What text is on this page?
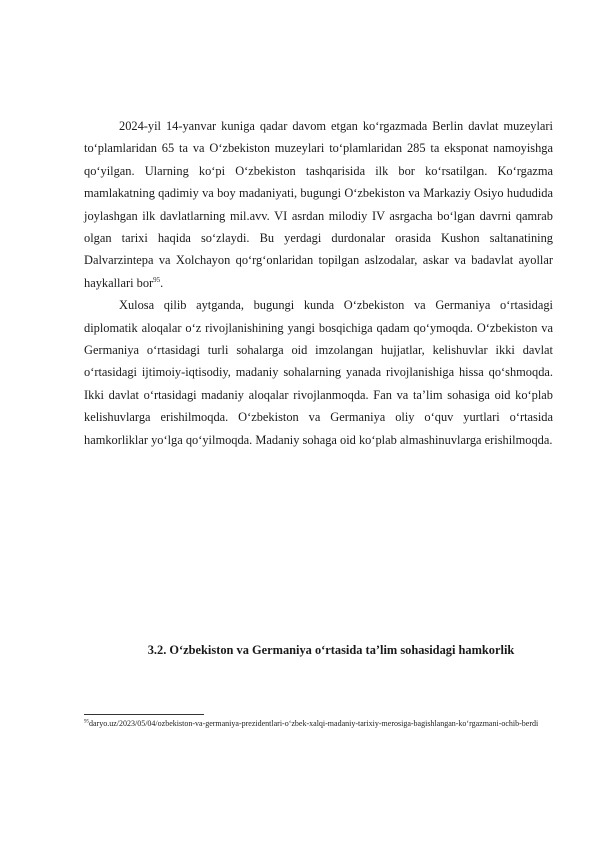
2024-yil 14-yanvar kuniga qadar davom etgan koʻrgazmada Berlin davlat muzeylari toʻplamlaridan 65 ta va Oʻzbekiston muzeylari toʻplamlaridan 285 ta eksponat namoyishga qoʻyilgan. Ularning koʻpi Oʻzbekiston tashqarisida ilk bor koʻrsatilgan. Koʻrgazma mamlakatning qadimiy va boy madaniyati, bugungi Oʻzbekiston va Markaziy Osiyo hududida joylashgan ilk davlatlarning mil.avv. VI asrdan milodiy IV asrgacha boʻlgan davrni qamrab olgan tarixi haqida soʻzlaydi. Bu yerdagi durdonalar orasida Kushon saltanatining Dalvarzintepa va Xolchayon qoʻrgʻonlaridan topilgan aslzodalar, askar va badavlat ayollar haykallari bor$^{95}$.

Xulosa qilib aytganda, bugungi kunda Oʻzbekiston va Germaniya oʻrtasidagi diplomatik aloqalar oʻz rivojlanishining yangi bosqichiga qadam qoʻymoqda. Oʻzbekiston va Germaniya oʻrtasidagi turli sohalarga oid imzolangan hujjatlar, kelishuvlar ikki davlat oʻrtasidagi ijtimoiy-iqtisodiy, madaniy sohalarning yanada rivojlanishiga hissa qoʻshmoqda. Ikki davlat oʻrtasidagi madaniy aloqalar rivojlanmoqda. Fan va ta’lim sohasiga oid koʻplab kelishuvlarga erishilmoqda. Oʻzbekiston va Germaniya oliy oʻquv yurtlari oʻrtasida hamkorliklar yoʻlga qoʻyilmoqda. Madaniy sohaga oid koʻplab almashinuvlarga erishilmoqda.

3.2. O‘zbekiston va Germaniya o‘rtasida ta’lim sohasidagi hamkorlik
$^{95}$daryo.uz/2023/05/04/ozbekiston-va-germaniya-prezidentlari-oʻzbek-xalqi-madaniy-tarixiy-merosiga-bagishlangan-koʻrgazmani-ochib-berdi
